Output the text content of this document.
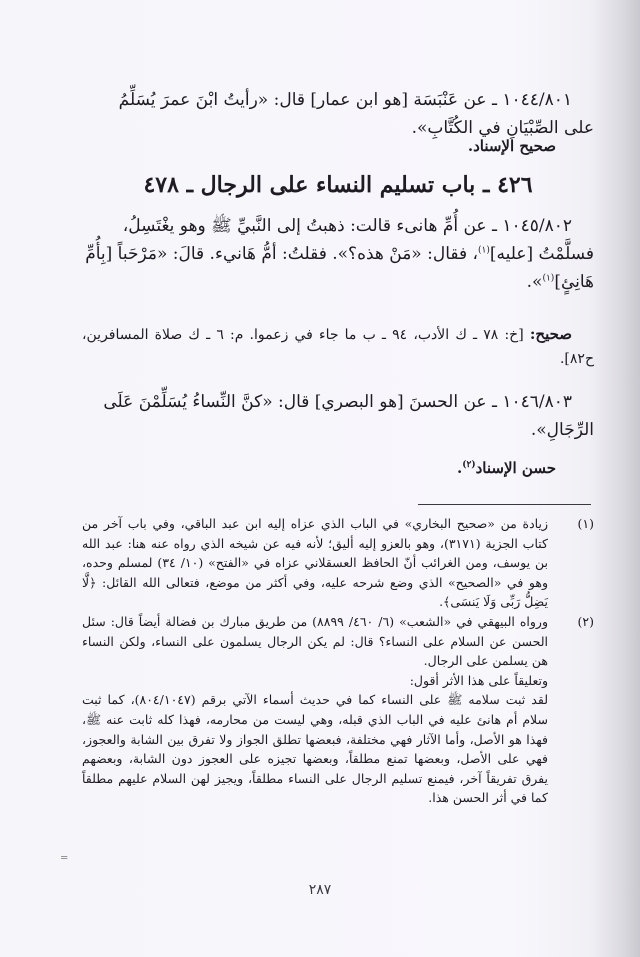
١٠٤٤/٨٠١ ـ عن عَنْبَسَة [هو ابن عمار] قال: «رأيتُ ابْنَ عمرَ يُسَلِّمُ
على الصِّبْيَانِ في الكُتَّابِ».
صحيح الإسناد.
٤٢٦ ـ باب تسليم النساء على الرجال ـ ٤٧٨
١٠٤٥/٨٠٢ ـ عن أُمِّ هانىء قالت: ذهبتُ إلى النَّبيِّ ﷺ وهو يغْتَسِلُ،
فسلَّمْتُ [عليه]$^{(١)}$، فقال: «مَنْ هذه؟». فقلتُ: أمُّ هَانيء. قالَ: «مَرْحَباً [بِأُمِّ
هَانِئٍ]$^{(١)}$».
صحيح: [خ: ٧٨ ـ ك الأدب، ٩٤ ـ ب ما جاء في زعموا. م: ٦ ـ ك صلاة المسافرين، ح٨٢].
١٠٤٦/٨٠٣ ـ عن الحسنَ [هو البصري] قال: «كنَّ النِّساءُ يُسَلِّمْنَ عَلَى
الرِّجَالِ».
حسن الإسناد$^{(٢)}$.
(١)
زيادة من «صحيح البخاري» في الباب الذي عزاه إليه ابن عبد الباقي، وفي باب آخر من كتاب الجزية (٣١٧١)، وهو بالعزو إليه أليق؛ لأنه فيه عن شيخه الذي رواه عنه هنا: عبد الله بن يوسف، ومن الغرائب أنّ الحافظ العسقلاني عزاه في «الفتح» (١٠/ ٣٤) لمسلم وحده، وهو في «الصحيح» الذي وضع شرحه عليه، وفي أكثر من موضع، فتعالى الله القائل: ﴿لَّا يَضِلُّ رَبِّى وَلَا يَنسَى﴾.
(٢)

ورواه البيهقي في «الشعب» (٦/ ٤٦٠/ ٨٨٩٩) من طريق مبارك بن فضالة أيضاً قال: سئل الحسن عن السلام على النساء؟ قال: لم يكن الرجال يسلمون على النساء، ولكن النساء هن يسلمن على الرجال.

وتعليقاً على هذا الأثر أقول:

لقد ثبت سلامه ﷺ على النساء كما في حديث أسماء الآتي برقم (٨٠٤/١٠٤٧)، كما ثبت سلام أم هانئ عليه في الباب الذي قبله، وهي ليست من محارمه، فهذا كله ثابت عنه ﷺ، فهذا هو الأصل، وأما الآثار فهي مختلفة، فبعضها تطلق الجواز ولا تفرق بين الشابة والعجوز، فهي على الأصل، وبعضها تمنع مطلقاً، وبعضها تجيزه على العجوز دون الشابة، وبعضهم يفرق تفريقاً آخر، فيمنع تسليم الرجال على النساء مطلقاً، ويجيز لهن السلام عليهم مطلقاً كما في أثر الحسن هذا.

=
٢٨٧
